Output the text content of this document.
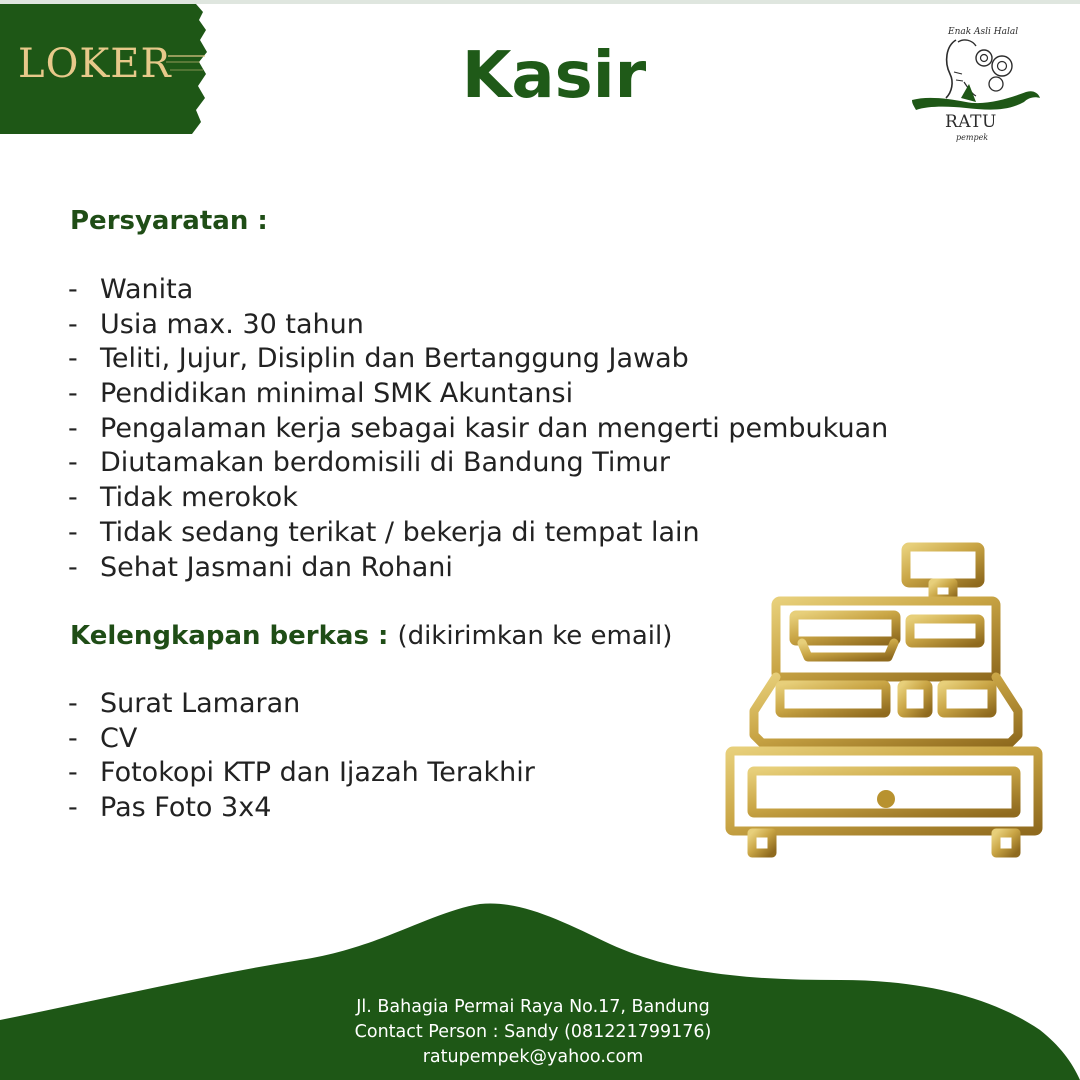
LOKER	Kasir
Enak Asli Halal
RATU
pempek
Persyaratan :
- Wanita
- Usia max. 30 tahun
- Teliti, Jujur, Disiplin dan Bertanggung Jawab
- Pendidikan minimal SMK Akuntansi
- Pengalaman kerja sebagai kasir dan mengerti pembukuan
- Diutamakan berdomisili di Bandung Timur
- Tidak merokok
- Tidak sedang terikat / bekerja di tempat lain
- Sehat Jasmani dan Rohani
Kelengkapan berkas : (dikirimkan ke email)
- Surat Lamaran
- CV
- Fotokopi KTP dan Ijazah Terakhir
- Pas Foto 3x4
Jl. Bahagia Permai Raya No.17, Bandung
Contact Person : Sandy (081221799176)
ratupempek@yahoo.com
